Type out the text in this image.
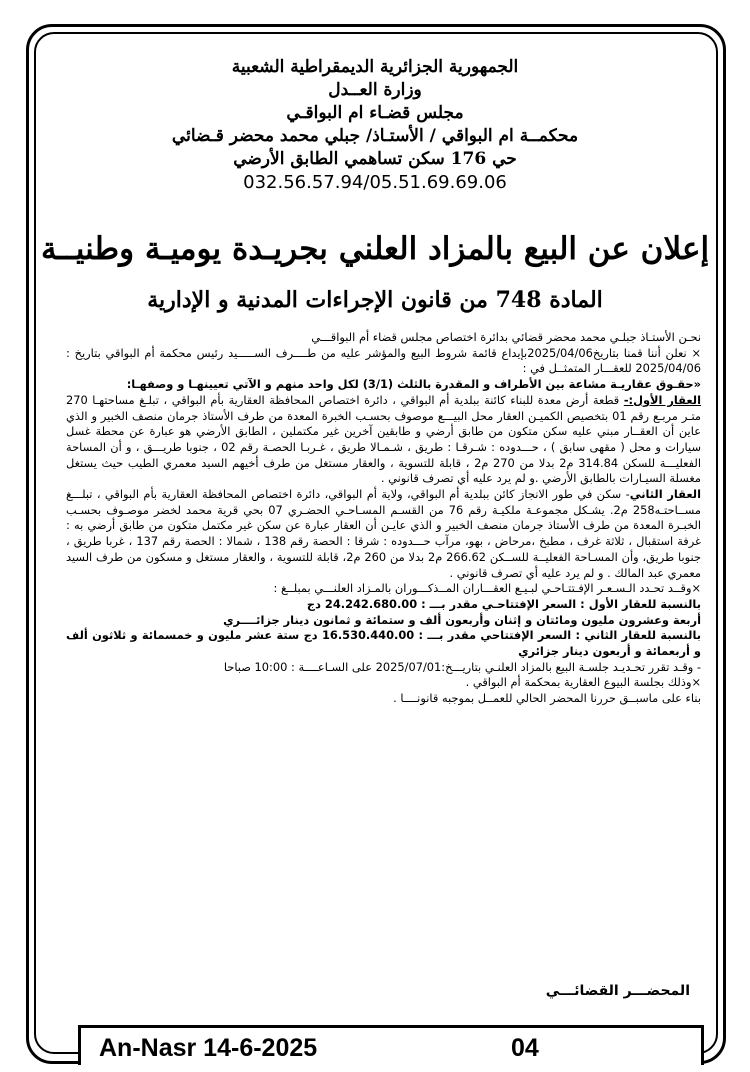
الجمهورية الجزائرية الديمقراطية الشعبية
وزارة العــدل
مجلس قضـاء ام البواقـي
محكمــة ام البواقي / الأستـاذ/ جبلي محمد محضر قـضائي
حي 176 سكن تساهمي الطابق الأرضي
032.56.57.94/05.51.69.69.06
إعلان عن البيع بالمزاد العلني بجريـدة يوميـة وطنيــة
المادة 748 من قانون الإجراءات المدنية و الإدارية

نحـن الأستـاذ جبلـي محمد محضر قضائي بدائرة اختصاص مجلس قضاء أم البواقـــي

× نعلن أننا قمنا بتاريخ2025/04/06بإيداع قائمة شروط البيع والمؤشر عليه من طــــرف الســـــيد رئيس محكمة أم البواقي بتاريخ : 2025/04/06 للعقـــار المتمثــل في :

«حقـوق عقاريـة مشاعة بين الأطراف و المقدرة بالثلث (3/1) لكل واحد منهم و الآتي تعيينهـا و وصفهـا:

العقار الأول:- قطعة أرض معدة للبناء كائنة ببلدية أم البواقي ، دائرة اختصاص المحافظة العقارية بأم البواقي ، تبلـغ مساحتهـا 270 متـر مربـع رقم 01 بتخصيص الكميـن العقار محل البيـــع موصوف بحسـب الخبرة المعدة من طرف الأستاذ جرمان منصف الخبير و الذي عاين أن العقــار مبني عليه سكن متكون من طابق أرضي و طابقين آخرين غير مكتملين ، الطابق الأرضي هو عبارة عن محطة غسل سيارات و محل ( مقهى سابق ) ، حـــدوده : شـرقـا : طريق ، شـمـالا طريق ، غـربـا الحصـة رقم 02 ، جنوبا طريـــق ، و أن المساحة الفعليـــة للسكن 314.84 م2 بدلا من 270 م2 ، قابلة للتسوية ، والعقار مستغل من طرف أخيهم السيد معمري الطيب حيث يستغل مغسلة السيـارات بالطابق الأرضي .و لم يرد عليه أي تصرف قانوني .

العقار الثاني- سكن في طور الانجاز كائن ببلدية أم البواقي، ولاية أم البواقي، دائرة اختصاص المحافظة العقارية بأم البواقي ، تبلـــغ مســاحتـه258 م2. يشـكل مجموعـة ملكيـة رقم 76 من القسـم المسـاحـي الحضـري 07 بحي قرية محمد لخضر موصـوف بحسـب الخبـرة المعدة من طرف الأستاذ جرمان منصف الخبير و الذي عايـن أن العقار عبارة عن سكن غير مكتمل متكون من طابق أرضي به : غرفة استقبال ، ثلاثة غرف ، مطبخ ،مرحاض ، بهو، مرآب حـــدوده : شرقا : الحصة رقم 138 ، شمالا : الحصة رقم 137 ، غربا طريق ، جنوبا طريق، وأن المسـاحة الفعليــة للســكن 266.62 م2 بدلا من 260 م2، قابلة للتسوية ، والعقار مستغل و مسكون من طرف السيد معمري عبد المالك . و لم يرد عليه أي تصرف قانوني .

×وقــد تحـدد الـسـعـر الإفـتتـاحـي لبـيـع العقـــاران المــذكـــوران بالمـزاد العلنـــي بمبلــغ :

بالنسبة للعقار الأول : السعر الإفتتاحـي مقدر بـــ : 24.242.680.00 دج

أربعة وعشرون مليون ومائتان و إثنان وأربعون ألف و ستمائة و ثمانون دينار جزائــــري

بالنسبة للعقار الثاني : السعر الإفتتاحي مقدر بـــ : 16.530.440.00 دج ستة عشر مليون و خمسمائة و ثلاثون ألف و أربعمائة و أربعون دينار جزائري

- وقـد تقرر تحـديـد جلسـة البيع بالمزاد العلنـي بتاريـــخ:2025/07/01 على السـاعــــة : 10:00 صباحا

×وذلك بجلسة البيوع العقارية بمحكمة أم البواقي .

بناء على ماسبــق حررنا المحضر الحالي للعمــل بموجبه قانونــــا .

المحضـــر القضائـــي
An-Nasr 14-6-2025	04
